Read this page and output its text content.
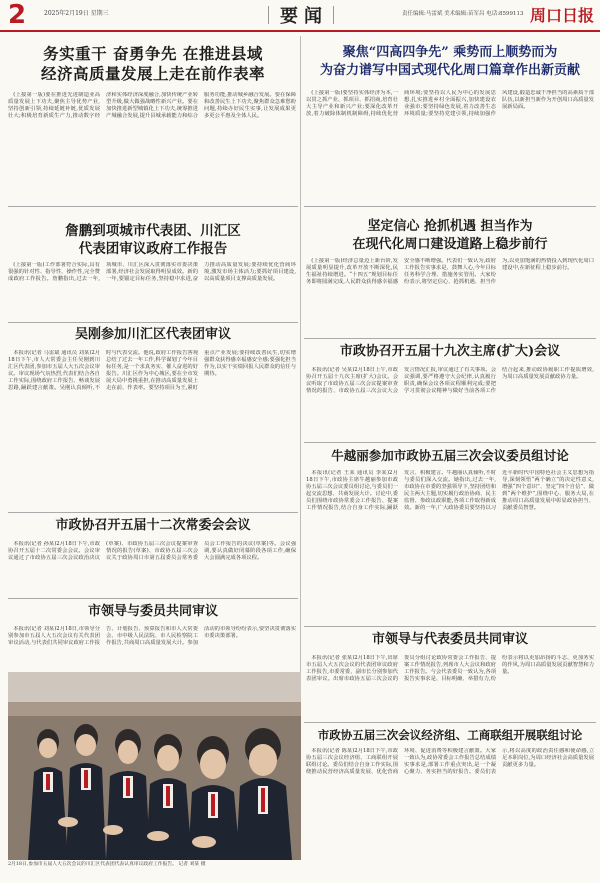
2	2025年2月19日 星期三	要闻	责任编辑:马雷斌 美术编辑:苗军昌 电话:8599113 周口日报
务实重干 奋勇争先 在推进县域
经济高质量发展上走在前作表率
(上接第一版)要在推进先进制造业高质量发展上下功夫,聚焦主导优势产业,坚持创新引领,持续延链补链,优质发展壮大;积极培育新质生产力,推动数字经济和实体经济深度融合,加快传统产业转型升级,做大做强战略性新兴产业。要在加快推进新型城镇化上下功夫,统筹推进产城融合发展,提升县城承载能力和综合服务功能,推动城乡融合发展。要在保障和改善民生上下功夫,聚焦群众急难愁盼问题,持续办好民生实事,让发展成果更多更公平惠及全体人民。
詹鹏到项城市代表团、川汇区
代表团审议政府工作报告
(上接第一版)工作部署符合实际,具有很强的针对性、指导性、操作性,完全赞成政府工作报告。詹鹏指出,过去一年,项城市、川汇区深入贯彻落实市委决策部署,经济社会发展取得明显成效。新的一年,要锚定目标任务,坚持稳中求进,奋力推动高质量发展;要持续优化营商环境,激发市场主体活力;要抓好项目建设,以高质量项目支撑高质量发展。
吴刚参加川汇区代表团审议
本报讯(记者 马雷斌 通讯员 刘某)2月18日下午,市人大常委会主任吴刚到川汇区代表团,参加市五届人大五次会议审议。审议现场气氛热烈,代表们结合各自工作实际,围绕政府工作报告、畅谈发展思路,踊跃建言献策。吴刚认真倾听,不时与代表交流。他说,政府工作报告客观总结了过去一年工作,科学谋划了今年目标任务,是一个求真务实、催人奋进的好报告。川汇区作为中心城区,要在全市发展大局中勇挑重担,在推动高质量发展上走在前、作表率。要坚持项目为王,紧盯重点产业发展;要持续改善民生,切实增强群众获得感幸福感安全感;要强化担当作为,以实干实绩回报人民群众的信任与期待。
市政协召开五届十二次常委会会议
本报讯(记者 孙某)2月18日下午,市政协召开五届十二次常委会会议。会议审议通过了市政协五届三次会议政治决议(草案)、市政协五届三次会议提案审查情况的报告(草案)、市政协五届三次会议关于政协周口市第五届委员会常务委员会工作报告的决议(草案)等。会议强调,要认真做好闭幕阶段各项工作,确保大会圆满完成各项议程。
市领导与委员共同审议
本报讯(记者 刘某)2月18日,市领导分别参加市五届人大五次会议有关代表团审议活动,与代表们共同审议政府工作报告、计划报告、预算报告和市人大常委会、市中级人民法院、市人民检察院工作报告,共商周口高质量发展大计。参加活动的市领导纷纷表示,要坚决贯彻落实市委决策部署。
2月18日,参加市五届人大五次会议的川汇区代表团代表认真审议政府工作报告。 记者 刘某 摄
聚焦“四高四争先” 乘势而上顺势而为
为奋力谱写中国式现代化周口篇章作出新贡献
(上接第一版)要坚持实体经济为本,一以贯之抓产业、抓项目、抓招商,培育壮大主导产业和新兴产业;要深化改革开放,着力破除体制机制障碍,持续优化营商环境;要坚持以人民为中心的发展思想,扎实推进乡村全面振兴,加快建设农业强市;要坚持绿色发展,着力改善生态环境质量;要坚持党建引领,持续加强作风建设,锻造忠诚干净担当的高素质干部队伍,以新担当新作为开创周口高质量发展新局面。
坚定信心 抢抓机遇 担当作为
在现代化周口建设道路上稳步前行
(上接第一版)经济总量迈上新台阶,发展质量明显提升,改革开放不断深化,民生福祉持续增进。“十四五”规划目标任务即将圆满完成,人民群众获得感幸福感安全感不断增强。代表们一致认为,政府工作报告实事求是、鼓舞人心,今年目标任务科学合理、措施务实管用。大家纷纷表示,将坚定信心、抢抓机遇、担当作为,以更加饱满的热情投入到现代化周口建设中,在新征程上稳步前行。
市政协召开五届十九次主席(扩大)会议
本报讯(记者 吴某)2月18日上午,市政协召开五届十九次主席(扩大)会议。会议听取了市政协五届三次会议提案审查情况的报告、市政协五届三次会议大会发言情况汇报,审议通过了有关事项。会议强调,要严格遵守大会纪律,认真履行职责,确保会议各项议程顺利完成;要把学习贯彻会议精神与做好当前各项工作结合起来,推动政协履职工作提质增效,为周口高质量发展贡献政协力量。
牛越丽参加市政协五届三次会议委员组讨论
本报讯(记者 王某 通讯员 李某)2月18日下午,市政协主席牛越丽参加市政协五届三次会议委员组讨论,与委员们一起交流思想、共商发展大计。讨论中,委员们围绕市政协常委会工作报告、提案工作情况报告,结合自身工作实际,踊跃发言、积极建言。牛越丽认真倾听,不时与委员们深入交流。她指出,过去一年,市政协在市委的坚强领导下,坚持团结和民主两大主题,切实履行政治协商、民主监督、参政议政职能,各项工作取得新成效。新的一年,广大政协委员要坚持以习近平新时代中国特色社会主义思想为指导,深刻领悟“两个确立”的决定性意义,增强“四个意识”、坚定“四个自信”、做到“两个维护”,围绕中心、服务大局,在推动周口高质量发展中彰显政协担当、贡献委员智慧。
市领导与代表委员共同审议
本报讯(记者 张某)2月18日下午,出席市五届人大五次会议的代表团审议政府工作报告,市委常委、副市长分别参加代表团审议。出席市政协五届三次会议的委员分组讨论政协常委会工作报告、提案工作情况报告,列席市人大会议和政府工作报告。与会代表委员一致认为,各项报告实事求是、目标明确、举措有力,纷纷表示将以更加昂扬的斗志、更加务实的作风,为周口高质量发展贡献智慧和力量。
市政协五届三次会议经济组、工商联组开展联组讨论
本报讯(记者 陈某)2月18日下午,市政协五届三次会议经济组、工商联组开展联组讨论。委员们结合自身工作实际,围绕推动民营经济高质量发展、优化营商环境、促进消费等积极建言献策。大家一致认为,政协常委会工作报告总结成绩实事求是,部署工作重点突出,是一个凝心聚力、务实担当的好报告。委员们表示,将以高度的政治责任感和使命感,立足本职岗位,为周口经济社会高质量发展贡献更多力量。
